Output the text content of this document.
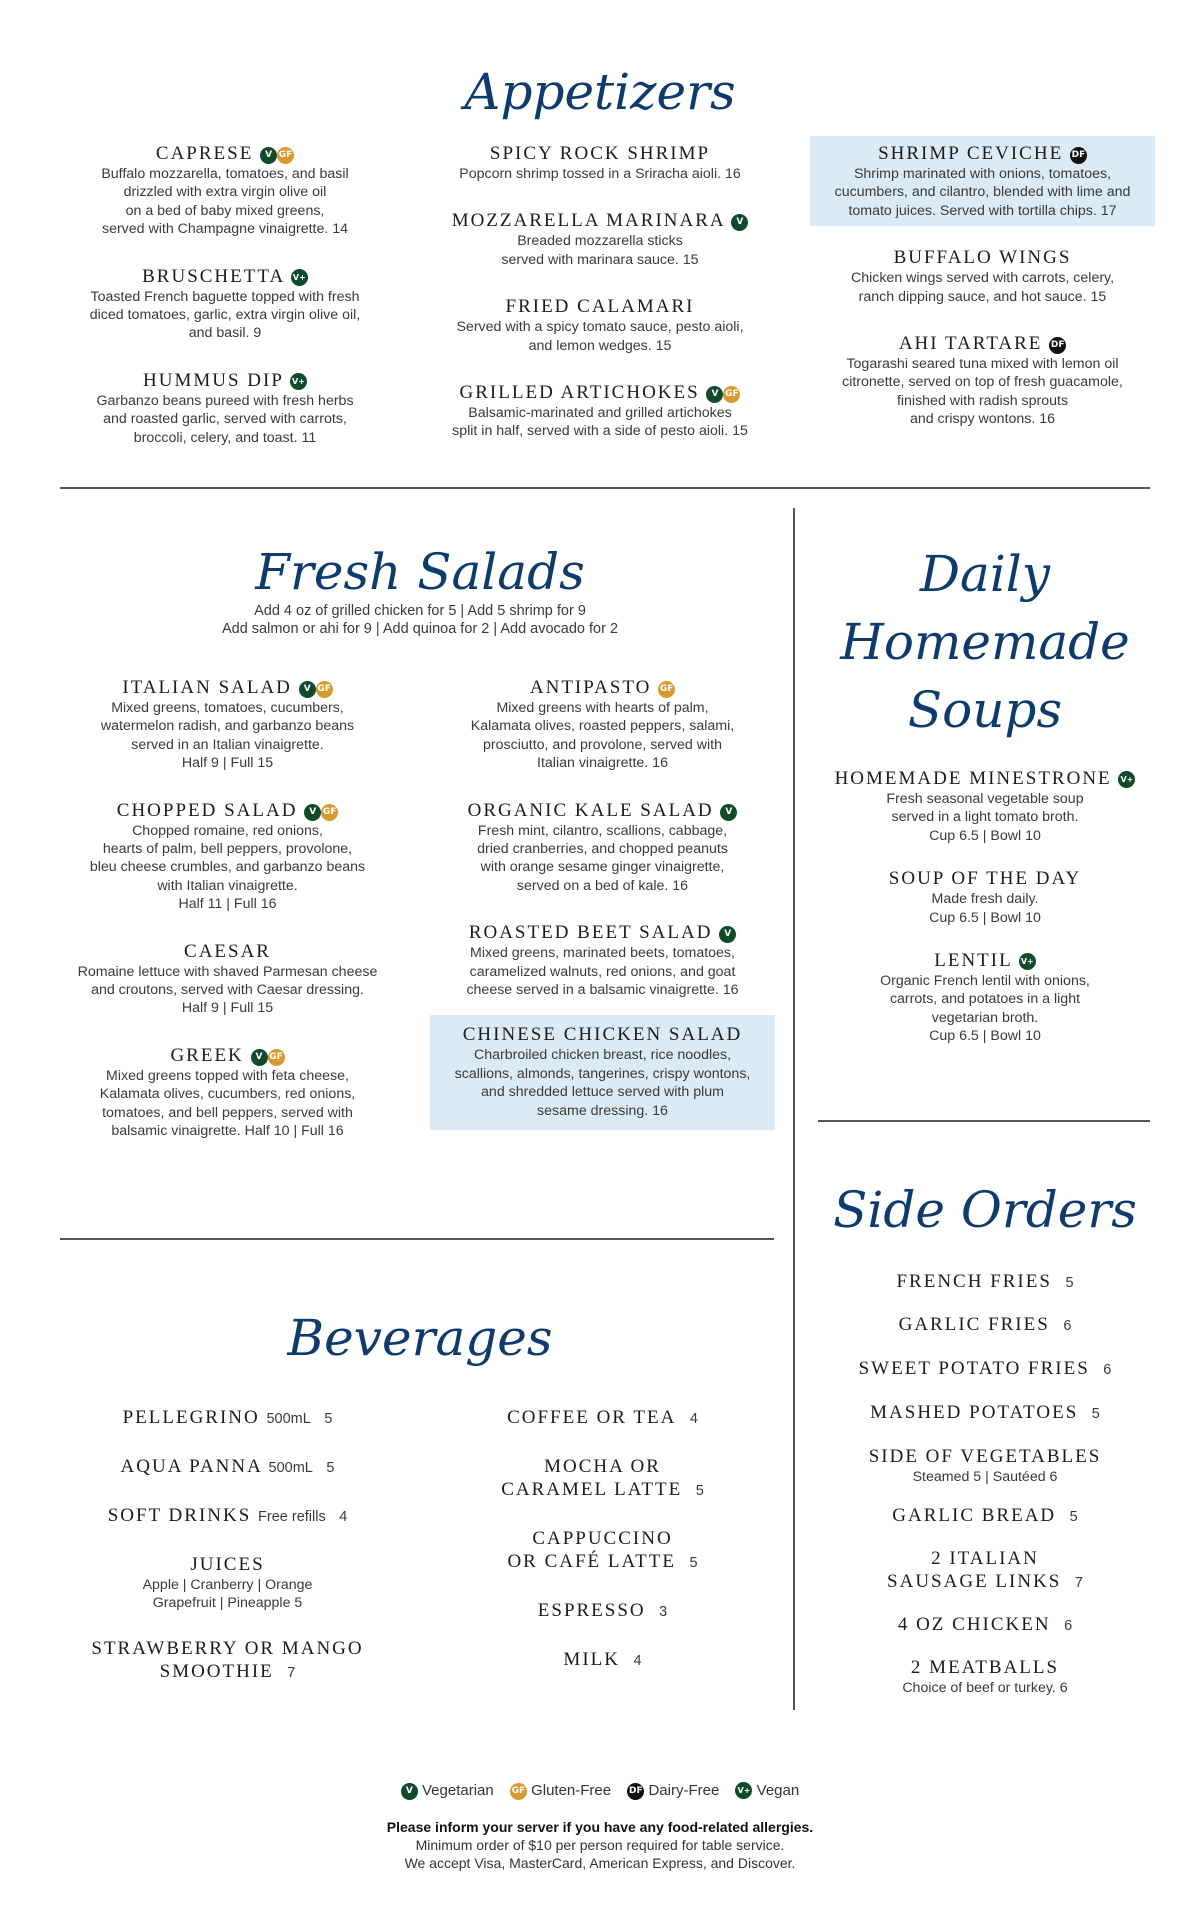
Appetizers
CAPRESE V GF
Buffalo mozzarella, tomatoes, and basil
drizzled with extra virgin olive oil
on a bed of baby mixed greens,
served with Champagne vinaigrette. 14
BRUSCHETTA V+
Toasted French baguette topped with fresh
diced tomatoes, garlic, extra virgin olive oil,
and basil. 9
HUMMUS DIP V+
Garbanzo beans pureed with fresh herbs
and roasted garlic, served with carrots,
broccoli, celery, and toast. 11
SPICY ROCK SHRIMP
Popcorn shrimp tossed in a Sriracha aioli. 16
MOZZARELLA MARINARA V
Breaded mozzarella sticks
served with marinara sauce. 15
FRIED CALAMARI
Served with a spicy tomato sauce, pesto aioli,
and lemon wedges. 15
GRILLED ARTICHOKES V GF
Balsamic-marinated and grilled artichokes
split in half, served with a side of pesto aioli. 15
SHRIMP CEVICHE DF
Shrimp marinated with onions, tomatoes,
cucumbers, and cilantro, blended with lime and
tomato juices. Served with tortilla chips. 17
BUFFALO WINGS
Chicken wings served with carrots, celery,
ranch dipping sauce, and hot sauce. 15
AHI TARTARE DF
Togarashi seared tuna mixed with lemon oil
citronette, served on top of fresh guacamole,
finished with radish sprouts
and crispy wontons. 16
Fresh Salads
Add 4 oz of grilled chicken for 5 | Add 5 shrimp for 9
Add salmon or ahi for 9 | Add quinoa for 2 | Add avocado for 2
ITALIAN SALAD V GF
Mixed greens, tomatoes, cucumbers,
watermelon radish, and garbanzo beans
served in an Italian vinaigrette.
Half 9 | Full 15
CHOPPED SALAD V GF
Chopped romaine, red onions,
hearts of palm, bell peppers, provolone,
bleu cheese crumbles, and garbanzo beans
with Italian vinaigrette.
Half 11 | Full 16
CAESAR
Romaine lettuce with shaved Parmesan cheese
and croutons, served with Caesar dressing.
Half 9 | Full 15
GREEK V GF
Mixed greens topped with feta cheese,
Kalamata olives, cucumbers, red onions,
tomatoes, and bell peppers, served with
balsamic vinaigrette. Half 10 | Full 16
ANTIPASTO GF
Mixed greens with hearts of palm,
Kalamata olives, roasted peppers, salami,
prosciutto, and provolone, served with
Italian vinaigrette. 16
ORGANIC KALE SALAD V
Fresh mint, cilantro, scallions, cabbage,
dried cranberries, and chopped peanuts
with orange sesame ginger vinaigrette,
served on a bed of kale. 16
ROASTED BEET SALAD V
Mixed greens, marinated beets, tomatoes,
caramelized walnuts, red onions, and goat
cheese served in a balsamic vinaigrette. 16
CHINESE CHICKEN SALAD
Charbroiled chicken breast, rice noodles,
scallions, almonds, tangerines, crispy wontons,
and shredded lettuce served with plum
sesame dressing. 16
Daily
Homemade
Soups
HOMEMADE MINESTRONE V+
Fresh seasonal vegetable soup
served in a light tomato broth.
Cup 6.5 | Bowl 10
SOUP OF THE DAY
Made fresh daily.
Cup 6.5 | Bowl 10
LENTIL V+
Organic French lentil with onions,
carrots, and potatoes in a light
vegetarian broth.
Cup 6.5 | Bowl 10
Side Orders
FRENCH FRIES 5
GARLIC FRIES 6
SWEET POTATO FRIES 6
MASHED POTATOES 5
SIDE OF VEGETABLES
Steamed 5 | Sautéed 6
GARLIC BREAD 5
2 ITALIAN
SAUSAGE LINKS 7
4 OZ CHICKEN 6
2 MEATBALLS
Choice of beef or turkey. 6
Beverages
PELLEGRINO 500mL 5
AQUA PANNA 500mL 5
SOFT DRINKS Free refills 4
JUICES
Apple | Cranberry | Orange
Grapefruit | Pineapple 5
STRAWBERRY OR MANGO
SMOOTHIE 7
COFFEE OR TEA 4
MOCHA OR
CARAMEL LATTE 5
CAPPUCCINO
OR CAFÉ LATTE 5
ESPRESSO 3
MILK 4
V Vegetarian GF Gluten-Free DF Dairy-Free V+ Vegan
Please inform your server if you have any food-related allergies.
Minimum order of $10 per person required for table service.
We accept Visa, MasterCard, American Express, and Discover.
